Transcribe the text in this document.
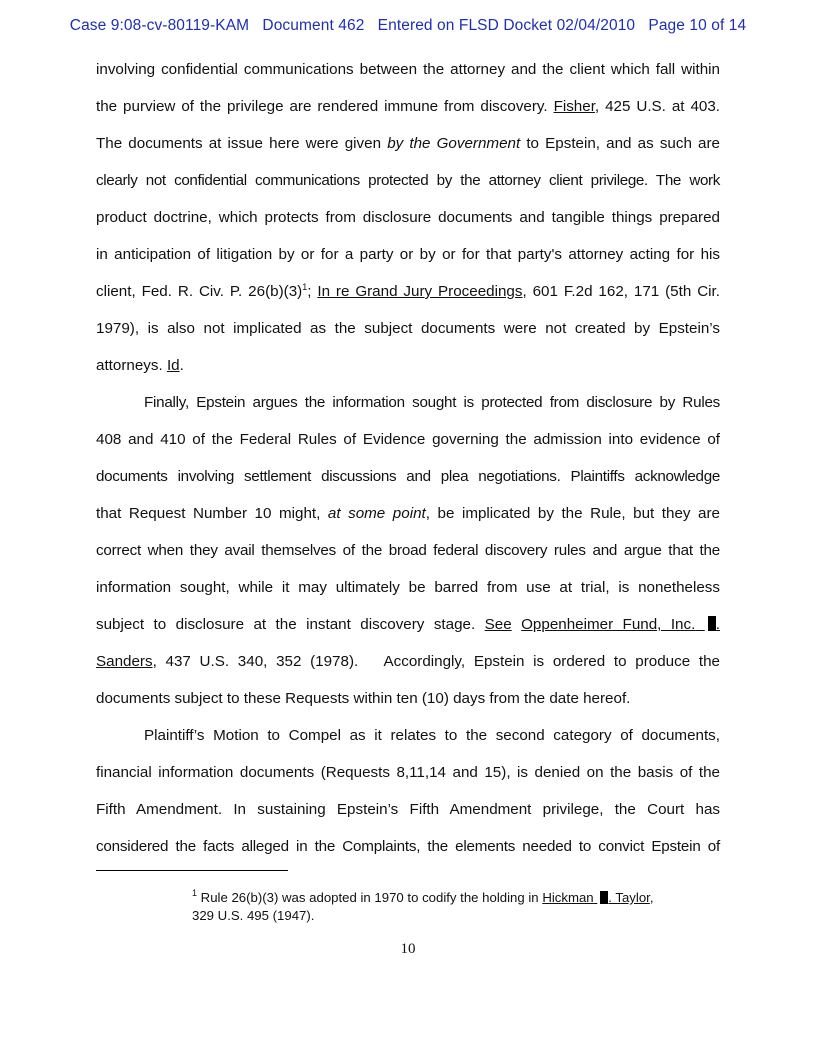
Case 9:08-cv-80119-KAM Document 462 Entered on FLSD Docket 02/04/2010 Page 10 of 14
involving confidential communications between the attorney and the client which fall within
the purview of the privilege are rendered immune from discovery. Fisher, 425 U.S. at 403.
The documents at issue here were given by the Government to Epstein, and as such are
clearly not confidential communications protected by the attorney client privilege. The work
product doctrine, which protects from disclosure documents and tangible things prepared
in anticipation of litigation by or for a party or by or for that party's attorney acting for his
client, Fed. R. Civ. P. $26(b)(3)^1$; In re Grand Jury Proceedings, 601 F.2d 162, 171 (5th Cir.
1979), is also not implicated as the subject documents were not created by Epstein’s
attorneys. Id.
Finally, Epstein argues the information sought is protected from disclosure by Rules
408 and 410 of the Federal Rules of Evidence governing the admission into evidence of
documents involving settlement discussions and plea negotiations. Plaintiffs acknowledge
that Request Number 10 might, at some point, be implicated by the Rule, but they are
correct when they avail themselves of the broad federal discovery rules and argue that the
information sought, while it may ultimately be barred from use at trial, is nonetheless
subject to disclosure at the instant discovery stage. See Oppenheimer Fund, Inc. .
Sanders, 437 U.S. 340, 352 (1978).   Accordingly, Epstein is ordered to produce the
documents subject to these Requests within ten (10) days from the date hereof.
Plaintiff’s Motion to Compel as it relates to the second category of documents,
financial information documents (Requests 8,11,14 and 15), is denied on the basis of the
Fifth Amendment. In sustaining Epstein’s Fifth Amendment privilege, the Court has
considered the facts alleged in the Complaints, the elements needed to convict Epstein of
$^1$ Rule 26(b)(3) was adopted in 1970 to codify the holding in Hickman . Taylor,
329 U.S. 495 (1947).
10
